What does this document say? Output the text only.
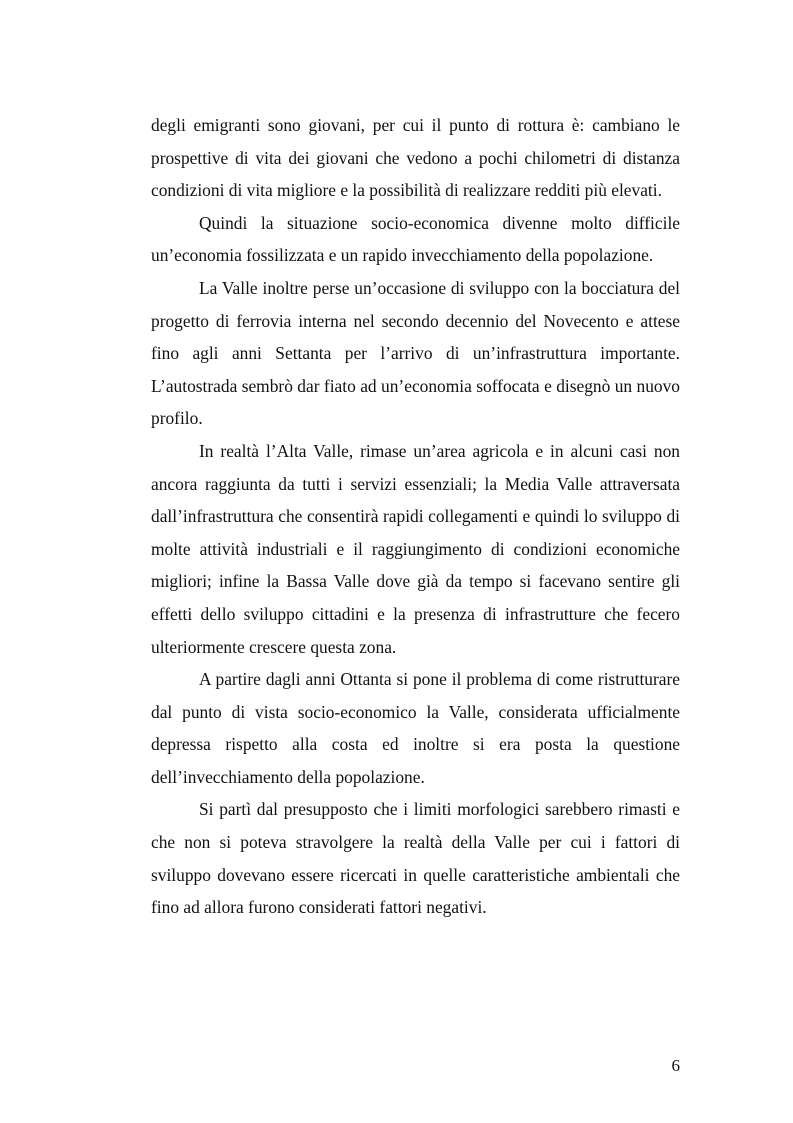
degli emigranti sono giovani, per cui il punto di rottura è: cambiano le prospettive di vita dei giovani che vedono a pochi chilometri di distanza condizioni di vita migliore e la possibilità di realizzare redditi più elevati.

Quindi la situazione socio-economica divenne molto difficile un’economia fossilizzata e un rapido invecchiamento della popolazione.

La Valle inoltre perse un’occasione di sviluppo con la bocciatura del progetto di ferrovia interna nel secondo decennio del Novecento e attese fino agli anni Settanta per l’arrivo di un’infrastruttura importante. L’autostrada sembrò dar fiato ad un’economia soffocata e disegnò un nuovo profilo.

In realtà l’Alta Valle, rimase un’area agricola e in alcuni casi non ancora raggiunta da tutti i servizi essenziali; la Media Valle attraversata dall’infrastruttura che consentirà rapidi collegamenti e quindi lo sviluppo di molte attività industriali e il raggiungimento di condizioni economiche migliori; infine la Bassa Valle dove già da tempo si facevano sentire gli effetti dello sviluppo cittadini e la presenza di infrastrutture che fecero ulteriormente crescere questa zona.

A partire dagli anni Ottanta si pone il problema di come ristrutturare dal punto di vista socio-economico la Valle, considerata ufficialmente depressa rispetto alla costa ed inoltre si era posta la questione dell’invecchiamento della popolazione.

Si partì dal presupposto che i limiti morfologici sarebbero rimasti e che non si poteva stravolgere la realtà della Valle per cui i fattori di sviluppo dovevano essere ricercati in quelle caratteristiche ambientali che fino ad allora furono considerati fattori negativi.

6
